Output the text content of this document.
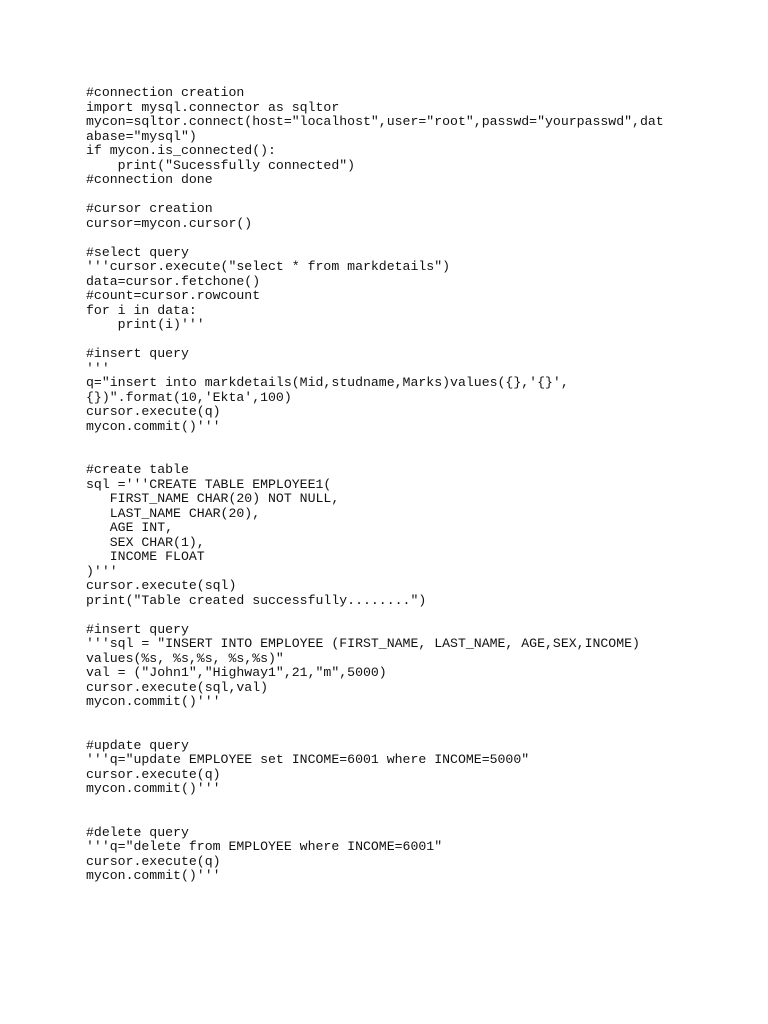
#connection creation
import mysql.connector as sqltor
mycon=sqltor.connect(host="localhost",user="root",passwd="yourpasswd",dat
abase="mysql")
if mycon.is_connected():
print("Sucessfully connected")
#connection done
#cursor creation
cursor=mycon.cursor()
#select query
'''cursor.execute("select * from markdetails")
data=cursor.fetchone()
#count=cursor.rowcount
for i in data:
print(i)'''
#insert query
'''
q="insert into markdetails(Mid,studname,Marks)values({},'{}',
{})".format(10,'Ekta',100)
cursor.execute(q)
mycon.commit()'''
#create table
sql ='''CREATE TABLE EMPLOYEE1(
FIRST_NAME CHAR(20) NOT NULL,
LAST_NAME CHAR(20),
AGE INT,
SEX CHAR(1),
INCOME FLOAT
)'''
cursor.execute(sql)
print("Table created successfully........")
#insert query
'''sql = "INSERT INTO EMPLOYEE (FIRST_NAME, LAST_NAME, AGE,SEX,INCOME)
values(%s, %s,%s, %s,%s)"
val = ("John1","Highway1",21,"m",5000)
cursor.execute(sql,val)
mycon.commit()'''
#update query
'''q="update EMPLOYEE set INCOME=6001 where INCOME=5000"
cursor.execute(q)
mycon.commit()'''
#delete query
'''q="delete from EMPLOYEE where INCOME=6001"
cursor.execute(q)
mycon.commit()'''
